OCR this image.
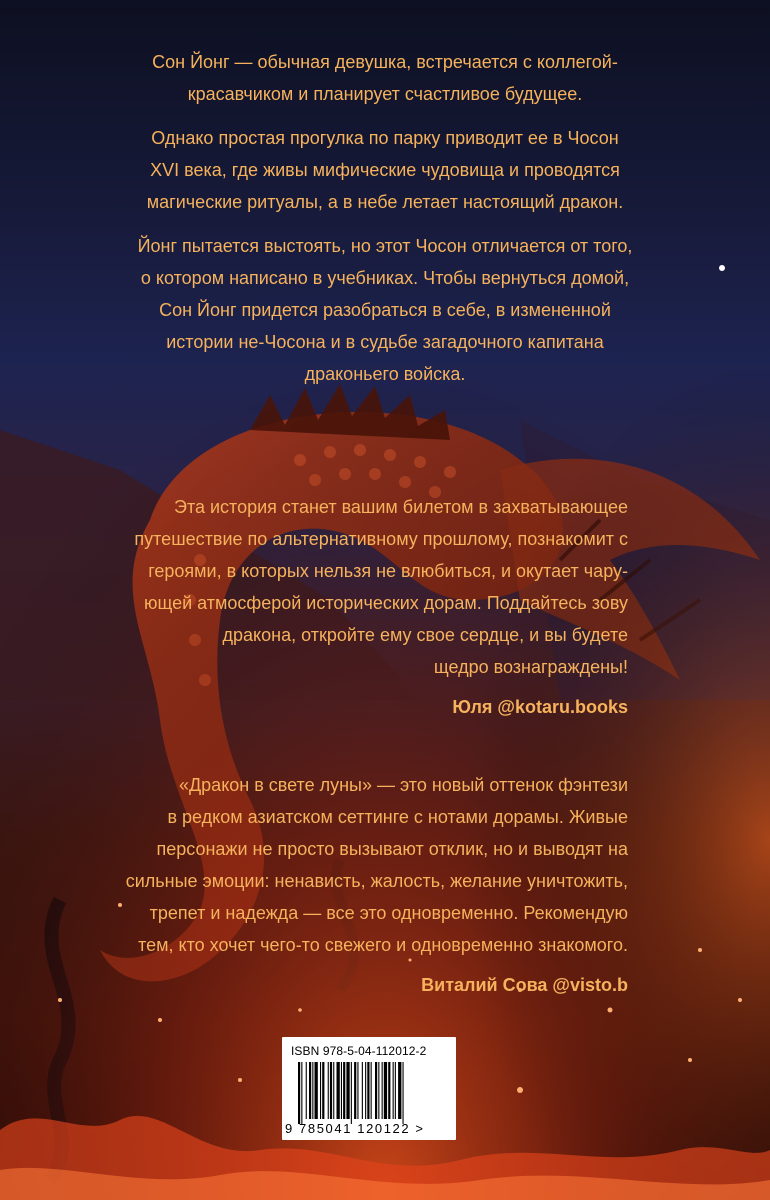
Сон Йонг — обычная девушка, встречается с коллегой-
красавчиком и планирует счастливое будущее.

Однако простая прогулка по парку приводит ее в Чосон
XVI века, где живы мифические чудовища и проводятся
магические ритуалы, а в небе летает настоящий дракон.

Йонг пытается выстоять, но этот Чосон отличается от того,
о котором написано в учебниках. Чтобы вернуться домой,
Сон Йонг придется разобраться в себе, в измененной
истории не-Чосона и в судьбе загадочного капитана
драконьего войска.

Эта история станет вашим билетом в захватывающее
путешествие по альтернативному прошлому, познакомит с
героями, в которых нельзя не влюбиться, и окутает чару-
ющей атмосферой исторических дорам. Поддайтесь зову
дракона, откройте ему свое сердце, и вы будете
щедро вознаграждены!

Юля @kotaru.books

«Дракон в свете луны» — это новый оттенок фэнтези
в редком азиатском сеттинге с нотами дорамы. Живые
персонажи не просто вызывают отклик, но и выводят на
сильные эмоции: ненависть, жалость, желание уничтожить,
трепет и надежда — все это одновременно. Рекомендую
тем, кто хочет чего-то свежего и одновременно знакомого.

Виталий Сова @visto.b

ISBN 978-5-04-112012-2
9 785041 120122 >
